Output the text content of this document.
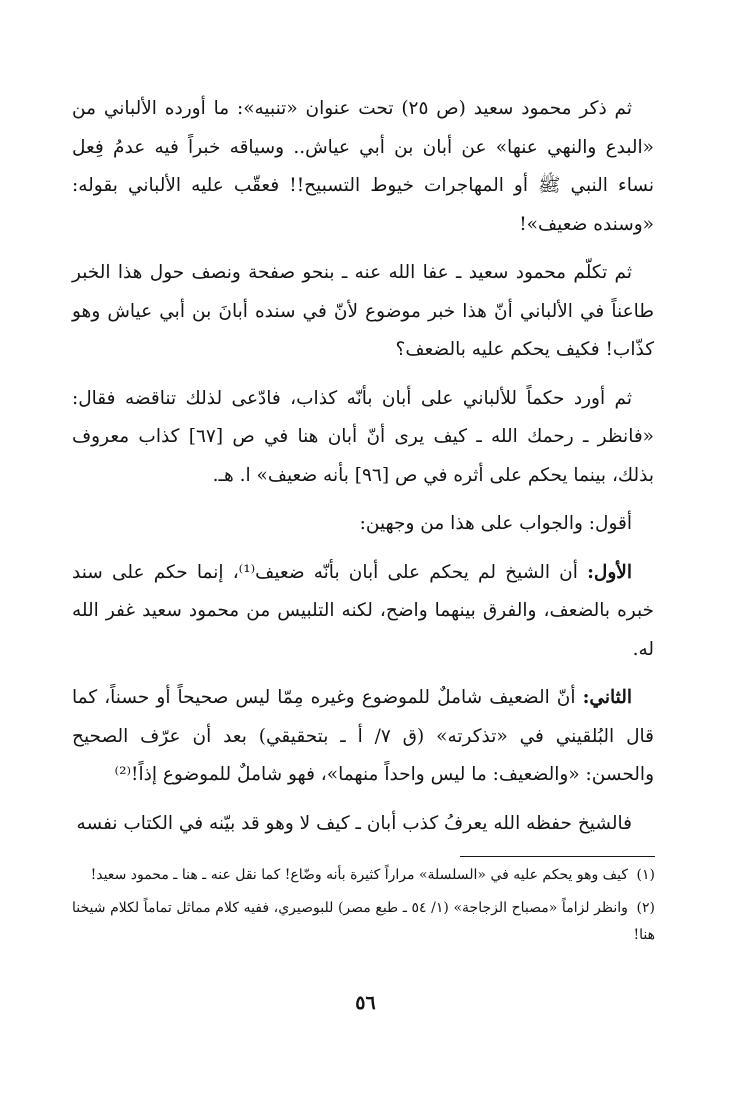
ثم ذكر محمود سعيد (ص ٢٥) تحت عنوان «تنبيه»: ما أورده الألباني من «البدع والنهي عنها» عن أبان بن أبي عياش.. وسياقه خبراً فيه عدمُ فِعل نساء النبي ﷺ أو المهاجرات خيوط التسبيح!! فعقّب عليه الألباني بقوله: «وسنده ضعيف»!

ثم تكلّم محمود سعيد ـ عفا الله عنه ـ بنحو صفحة ونصف حول هذا الخبر طاعناً في الألباني أنّ هذا خبر موضوع لأنّ في سنده أبانَ بن أبي عياش وهو كذّاب! فكيف يحكم عليه بالضعف؟

ثم أورد حكماً للألباني على أبان بأنّه كذاب، فادّعى لذلك تناقضه فقال: «فانظر ـ رحمك الله ـ كيف يرى أنّ أبان هنا في ص [٦٧] كذاب معروف بذلك، بينما يحكم على أثره في ص [٩٦] بأنه ضعيف» ا. هـ.

أقول: والجواب على هذا من وجهين:

الأول: أن الشيخ لم يحكم على أبان بأنّه ضعيف⁽¹⁾، إنما حكم على سند خبره بالضعف، والفرق بينهما واضح، لكنه التلبيس من محمود سعيد غفر الله له.

الثاني: أنّ الضعيف شاملٌ للموضوع وغيره مِمّا ليس صحيحاً أو حسناً، كما قال البُلقيني في «تذكرته» (ق ٧/ أ ـ بتحقيقي) بعد أن عرّف الصحيح والحسن: «والضعيف: ما ليس واحداً منهما»، فهو شاملٌ للموضوع إذاً!⁽²⁾

فالشيخ حفظه الله يعرفُ كذب أبان ـ كيف لا وهو قد بيّنه في الكتاب نفسه

(١) كيف وهو يحكم عليه في «السلسلة» مراراً كثيرة بأنه وضّاع! كما نقل عنه ـ هنا ـ محمود سعيد!

(٢) وانظر لزاماً «مصباح الزجاجة» (١/ ٥٤ ـ طبع مصر) للبوصيري، ففيه كلام مماثل تماماً لكلام شيخنا هنا!

٥٦
